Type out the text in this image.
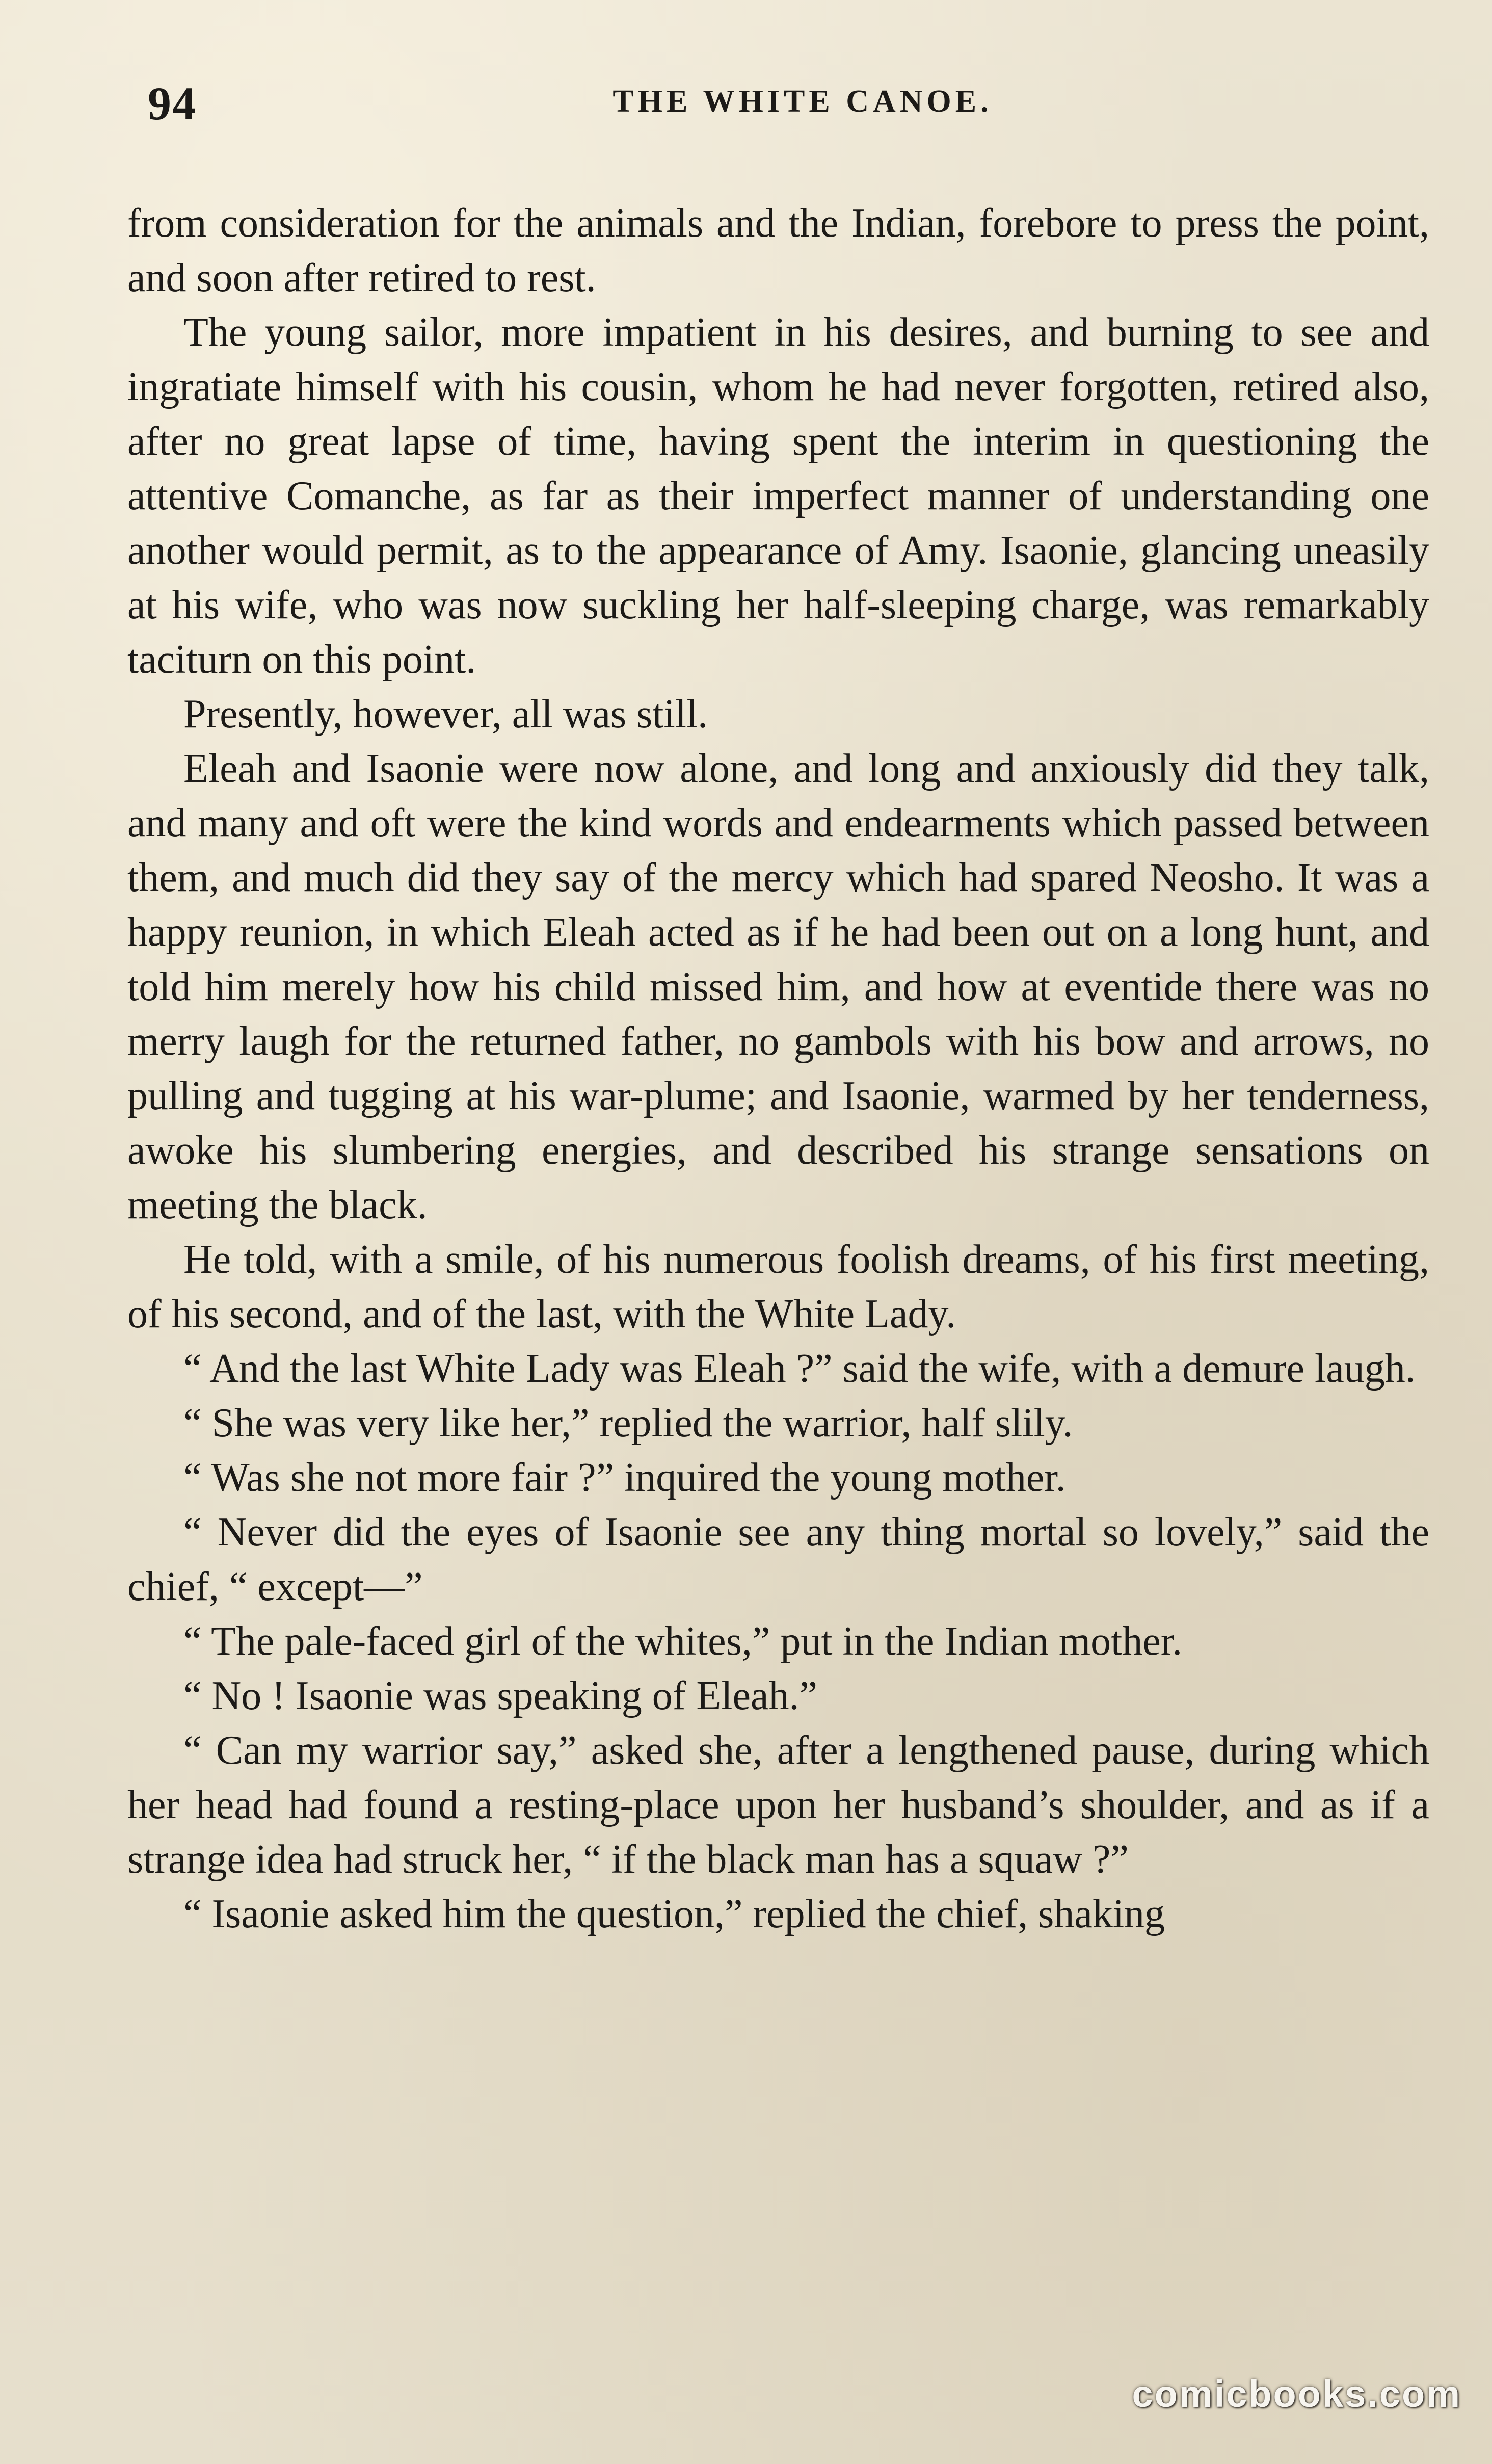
94	THE WHITE CANOE.

from consideration for the animals and the Indian, forebore to press the point, and soon after retired to rest.

The young sailor, more impatient in his desires, and burning to see and ingratiate himself with his cousin, whom he had never forgotten, retired also, after no great lapse of time, having spent the interim in questioning the attentive Comanche, as far as their imperfect manner of understanding one another would permit, as to the appearance of Amy. Isaonie, glancing uneasily at his wife, who was now suckling her half-sleeping charge, was remarkably taciturn on this point.

Presently, however, all was still.

Eleah and Isaonie were now alone, and long and anxiously did they talk, and many and oft were the kind words and endearments which passed between them, and much did they say of the mercy which had spared Neosho. It was a happy reunion, in which Eleah acted as if he had been out on a long hunt, and told him merely how his child missed him, and how at eventide there was no merry laugh for the returned father, no gambols with his bow and arrows, no pulling and tugging at his war-plume; and Isaonie, warmed by her tenderness, awoke his slumbering energies, and described his strange sensations on meeting the black.

He told, with a smile, of his numerous foolish dreams, of his first meeting, of his second, and of the last, with the White Lady.

“ And the last White Lady was Eleah ?” said the wife, with a demure laugh.

“ She was very like her,” replied the warrior, half slily.

“ Was she not more fair ?” inquired the young mother.

“ Never did the eyes of Isaonie see any thing mortal so lovely,” said the chief, “ except—”

“ The pale-faced girl of the whites,” put in the Indian mother.

“ No ! Isaonie was speaking of Eleah.”

“ Can my warrior say,” asked she, after a lengthened pause, during which her head had found a resting-place upon her husband’s shoulder, and as if a strange idea had struck her, “ if the black man has a squaw ?”

“ Isaonie asked him the question,” replied the chief, shaking

comicbooks.com
